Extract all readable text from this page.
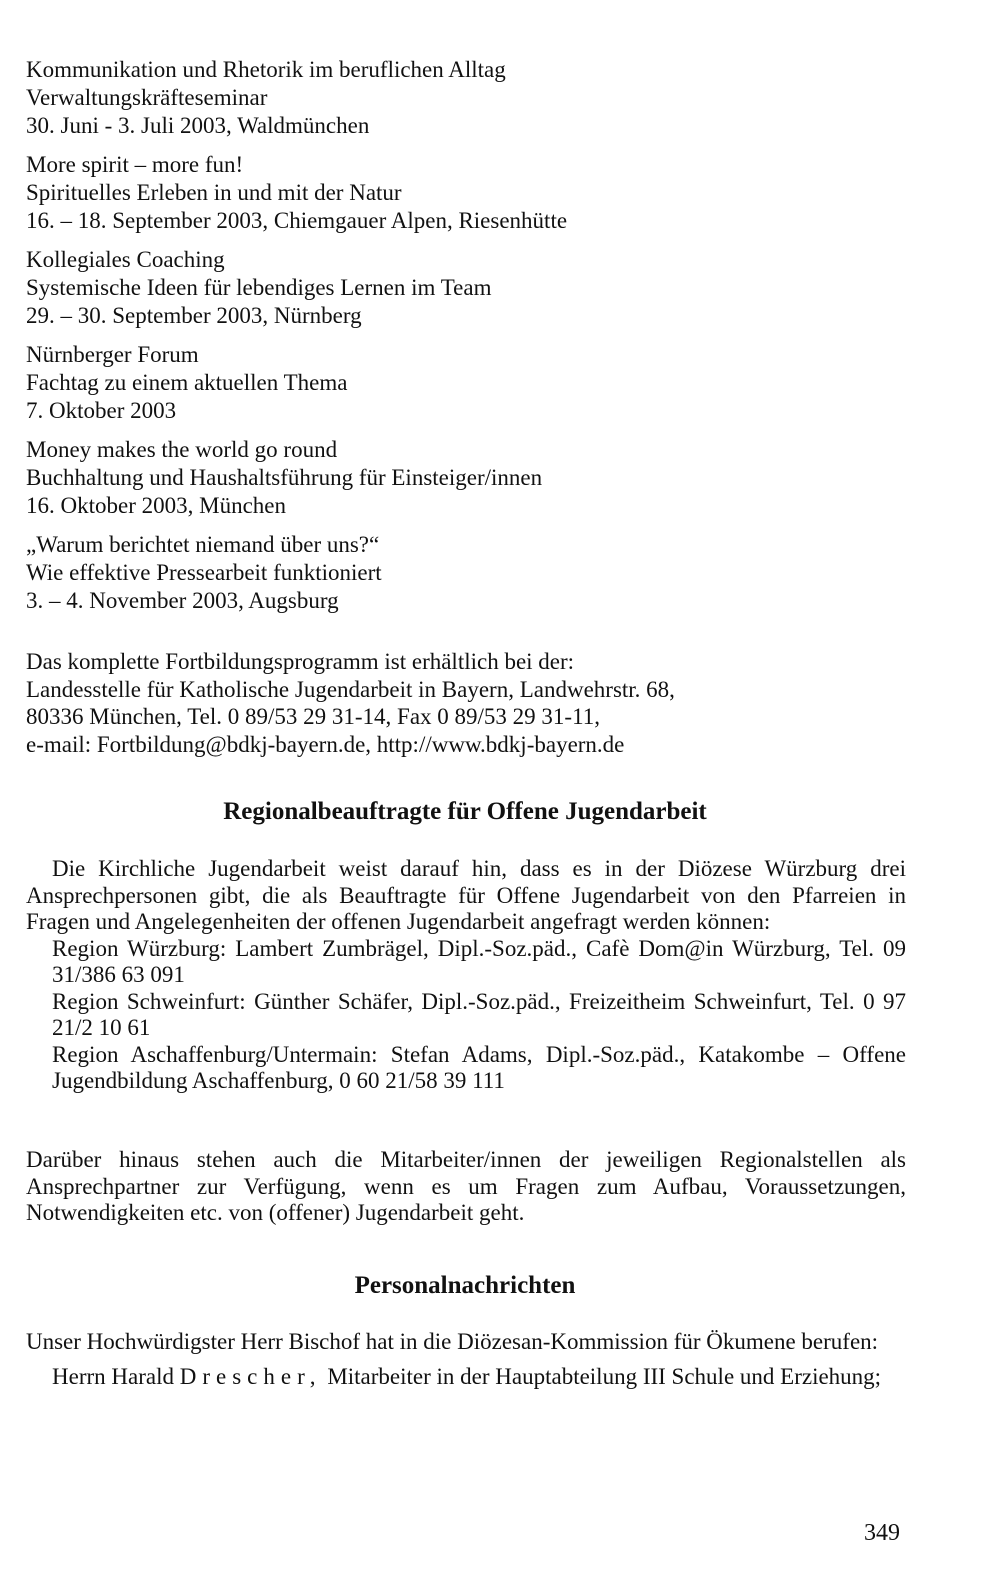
Kommunikation und Rhetorik im beruflichen Alltag
Verwaltungskräfteseminar
30. Juni - 3. Juli 2003, Waldmünchen
More spirit – more fun!
Spirituelles Erleben in und mit der Natur
16. – 18. September 2003, Chiemgauer Alpen, Riesenhütte
Kollegiales Coaching
Systemische Ideen für lebendiges Lernen im Team
29. – 30. September 2003, Nürnberg
Nürnberger Forum
Fachtag zu einem aktuellen Thema
7. Oktober 2003
Money makes the world go round
Buchhaltung und Haushaltsführung für Einsteiger/innen
16. Oktober 2003, München
„Warum berichtet niemand über uns?“
Wie effektive Pressearbeit funktioniert
3. – 4. November 2003, Augsburg
Das komplette Fortbildungsprogramm ist erhältlich bei der:
Landesstelle für Katholische Jugendarbeit in Bayern, Landwehrstr. 68,
80336 München, Tel. 0 89/53 29 31-14, Fax 0 89/53 29 31-11,
e-mail: Fortbildung@bdkj-bayern.de, http://www.bdkj-bayern.de
Regionalbeauftragte für Offene Jugendarbeit
Die Kirchliche Jugendarbeit weist darauf hin, dass es in der Diözese Würzburg drei Ansprechpersonen gibt, die als Beauftragte für Offene Jugendarbeit von den Pfarreien in Fragen und Angelegenheiten der offenen Jugendarbeit angefragt werden können:
Region Würzburg: Lambert Zumbrägel, Dipl.-Soz.päd., Cafè Dom@in Würzburg, Tel. 09 31/386 63 091
Region Schweinfurt: Günther Schäfer, Dipl.-Soz.päd., Freizeitheim Schweinfurt, Tel. 0 97 21/2 10 61
Region Aschaffenburg/Untermain: Stefan Adams, Dipl.-Soz.päd., Katakombe – Offene Jugendbildung Aschaffenburg, 0 60 21/58 39 111
Darüber hinaus stehen auch die Mitarbeiter/innen der jeweiligen Regionalstellen als Ansprechpartner zur Verfügung, wenn es um Fragen zum Aufbau, Voraussetzungen, Notwendigkeiten etc. von (offener) Jugendarbeit geht.
Personalnachrichten
Unser Hochwürdigster Herr Bischof hat in die Diözesan-Kommission für Ökumene berufen:
Herrn Harald Drescher, Mitarbeiter in der Hauptabteilung III Schule und Erziehung;
349
